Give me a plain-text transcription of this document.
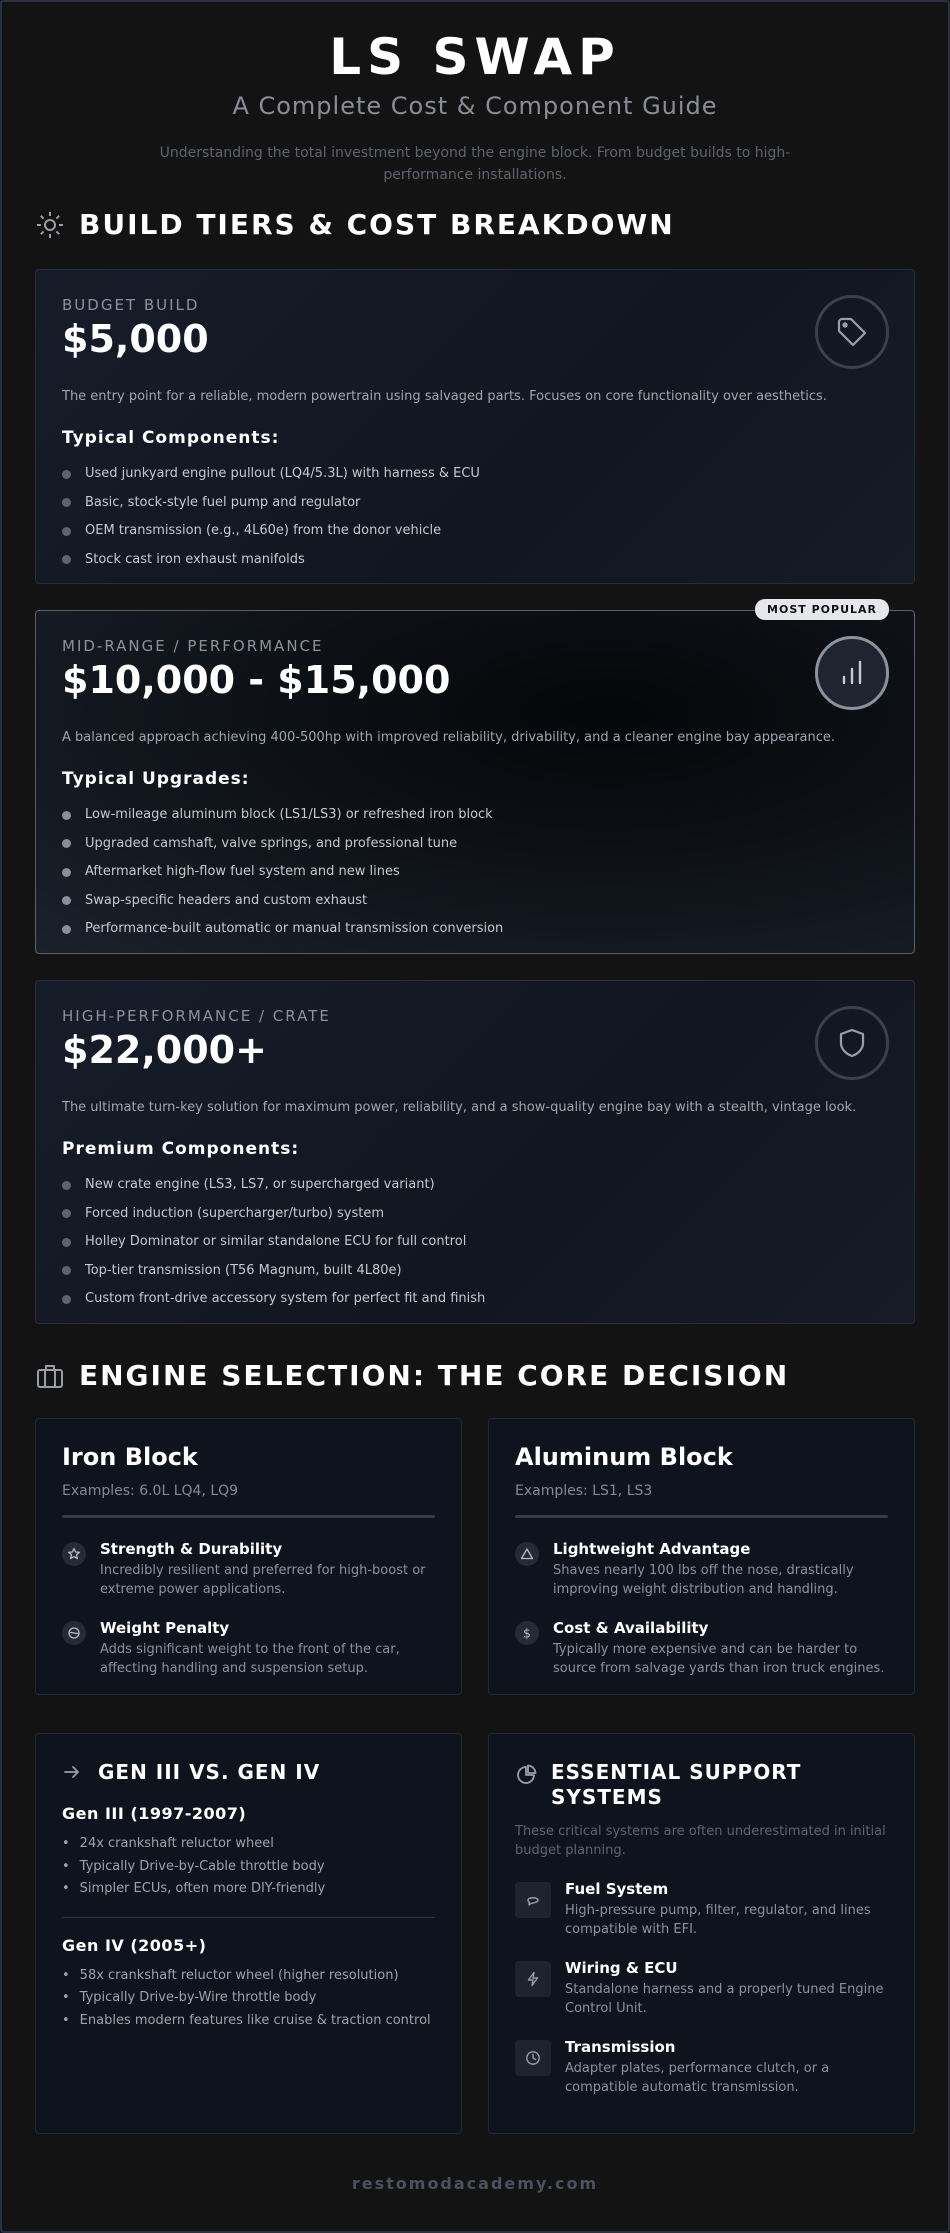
LS SWAP
A Complete Cost & Component Guide
Understanding the total investment beyond the engine block. From budget builds to high-performance installations.
BUILD TIERS & COST BREAKDOWN
BUDGET BUILD
$5,000
The entry point for a reliable, modern powertrain using salvaged parts. Focuses on core functionality over aesthetics.
Typical Components:
Used junkyard engine pullout (LQ4/5.3L) with harness & ECU
Basic, stock-style fuel pump and regulator
OEM transmission (e.g., 4L60e) from the donor vehicle
Stock cast iron exhaust manifolds
MOST POPULAR
MID-RANGE / PERFORMANCE
$10,000 - $15,000
A balanced approach achieving 400-500hp with improved reliability, drivability, and a cleaner engine bay appearance.
Typical Upgrades:
Low-mileage aluminum block (LS1/LS3) or refreshed iron block
Upgraded camshaft, valve springs, and professional tune
Aftermarket high-flow fuel system and new lines
Swap-specific headers and custom exhaust
Performance-built automatic or manual transmission conversion
HIGH-PERFORMANCE / CRATE
$22,000+
The ultimate turn-key solution for maximum power, reliability, and a show-quality engine bay with a stealth, vintage look.
Premium Components:
New crate engine (LS3, LS7, or supercharged variant)
Forced induction (supercharger/turbo) system
Holley Dominator or similar standalone ECU for full control
Top-tier transmission (T56 Magnum, built 4L80e)
Custom front-drive accessory system for perfect fit and finish
ENGINE SELECTION: THE CORE DECISION
Iron Block
Examples: 6.0L LQ4, LQ9
Strength & Durability
Incredibly resilient and preferred for high-boost or extreme power applications.
Weight Penalty
Adds significant weight to the front of the car, affecting handling and suspension setup.
Aluminum Block
Examples: LS1, LS3
Lightweight Advantage
Shaves nearly 100 lbs off the nose, drastically improving weight distribution and handling.
$ Cost & Availability
Typically more expensive and can be harder to source from salvage yards than iron truck engines.
GEN III VS. GEN IV
Gen III (1997-2007)
• 24x crankshaft reluctor wheel
• Typically Drive-by-Cable throttle body
• Simpler ECUs, often more DIY-friendly
Gen IV (2005+)
• 58x crankshaft reluctor wheel (higher resolution)
• Typically Drive-by-Wire throttle body
• Enables modern features like cruise & traction control
ESSENTIAL SUPPORT SYSTEMS
These critical systems are often underestimated in initial budget planning.
Fuel System
High-pressure pump, filter, regulator, and lines compatible with EFI.
Wiring & ECU
Standalone harness and a properly tuned Engine Control Unit.
Transmission
Adapter plates, performance clutch, or a compatible automatic transmission.
restomodacademy.com
